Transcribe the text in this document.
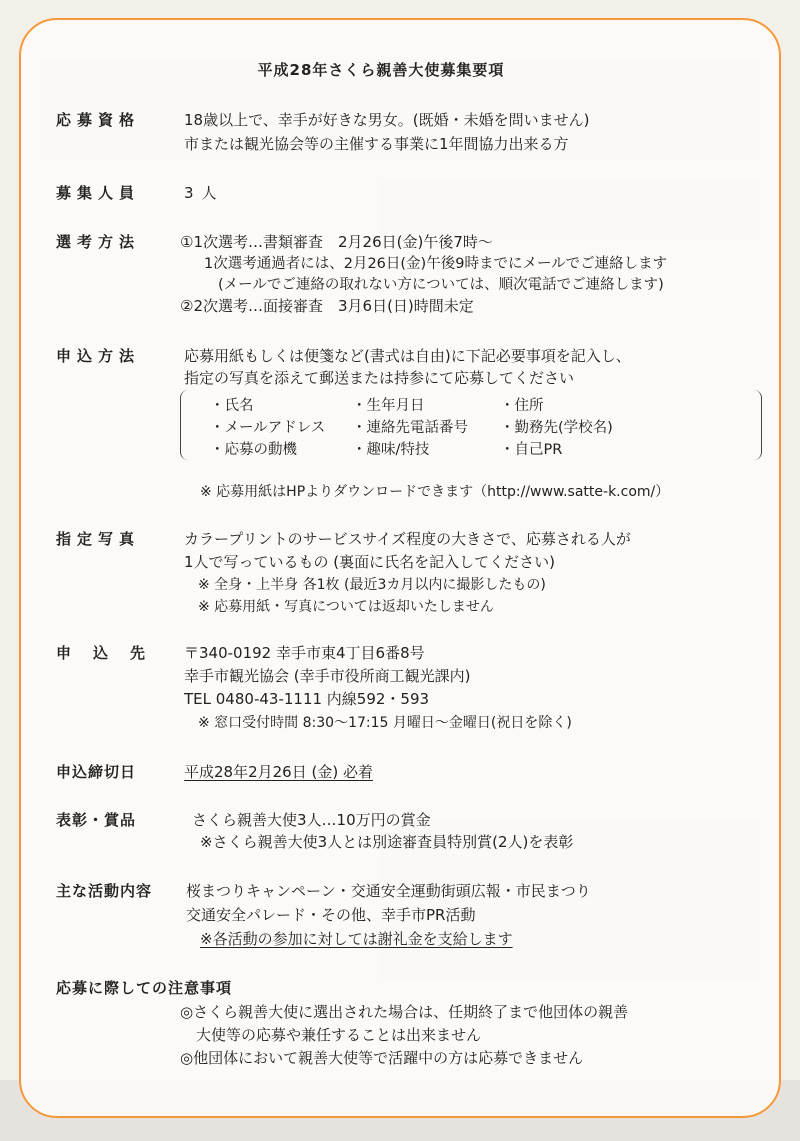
平成28年さくら親善大使募集要項
応募資格	18歳以上で、幸手が好きな男女。(既婚・未婚を問いません)
市または観光協会等の主催する事業に1年間協力出来る方
募集人員	3人
選考方法	①1次選考…書類審査　2月26日(金)午後7時〜
1次選考通過者には、2月26日(金)午後9時までにメールでご連絡します
(メールでご連絡の取れない方については、順次電話でご連絡します)
②2次選考…面接審査　3月6日(日)時間未定
申込方法	応募用紙もしくは便箋など(書式は自由)に下記必要事項を記入し、
指定の写真を添えて郵送または持参にて応募してください
・氏名	・生年月日	・住所
・メールアドレス ・連絡先電話番号 ・勤務先(学校名)
・応募の動機	・趣味/特技	・自己PR
※ 応募用紙はHPよりダウンロードできます（http://www.satte-k.com/）
指定写真	カラープリントのサービスサイズ程度の大きさで、応募される人が
1人で写っているもの (裏面に氏名を記入してください)
※ 全身・上半身 各1枚 (最近3カ月以内に撮影したもの)
※ 応募用紙・写真については返却いたしません
申込先 〒340-0192 幸手市東4丁目6番8号
幸手市観光協会 (幸手市役所商工観光課内)
TEL 0480-43-1111 内線592・593
※ 窓口受付時間 8:30〜17:15 月曜日〜金曜日(祝日を除く)
申込締切日	平成28年2月26日 (金) 必着
表彰・賞品	さくら親善大使3人…10万円の賞金
※さくら親善大使3人とは別途審査員特別賞(2人)を表彰
主な活動内容 桜まつりキャンペーン・交通安全運動街頭広報・市民まつり
交通安全パレード・その他、幸手市PR活動
※各活動の参加に対しては謝礼金を支給します
応募に際しての注意事項
◎さくら親善大使に選出された場合は、任期終了まで他団体の親善
大使等の応募や兼任することは出来ません
◎他団体において親善大使等で活躍中の方は応募できません
